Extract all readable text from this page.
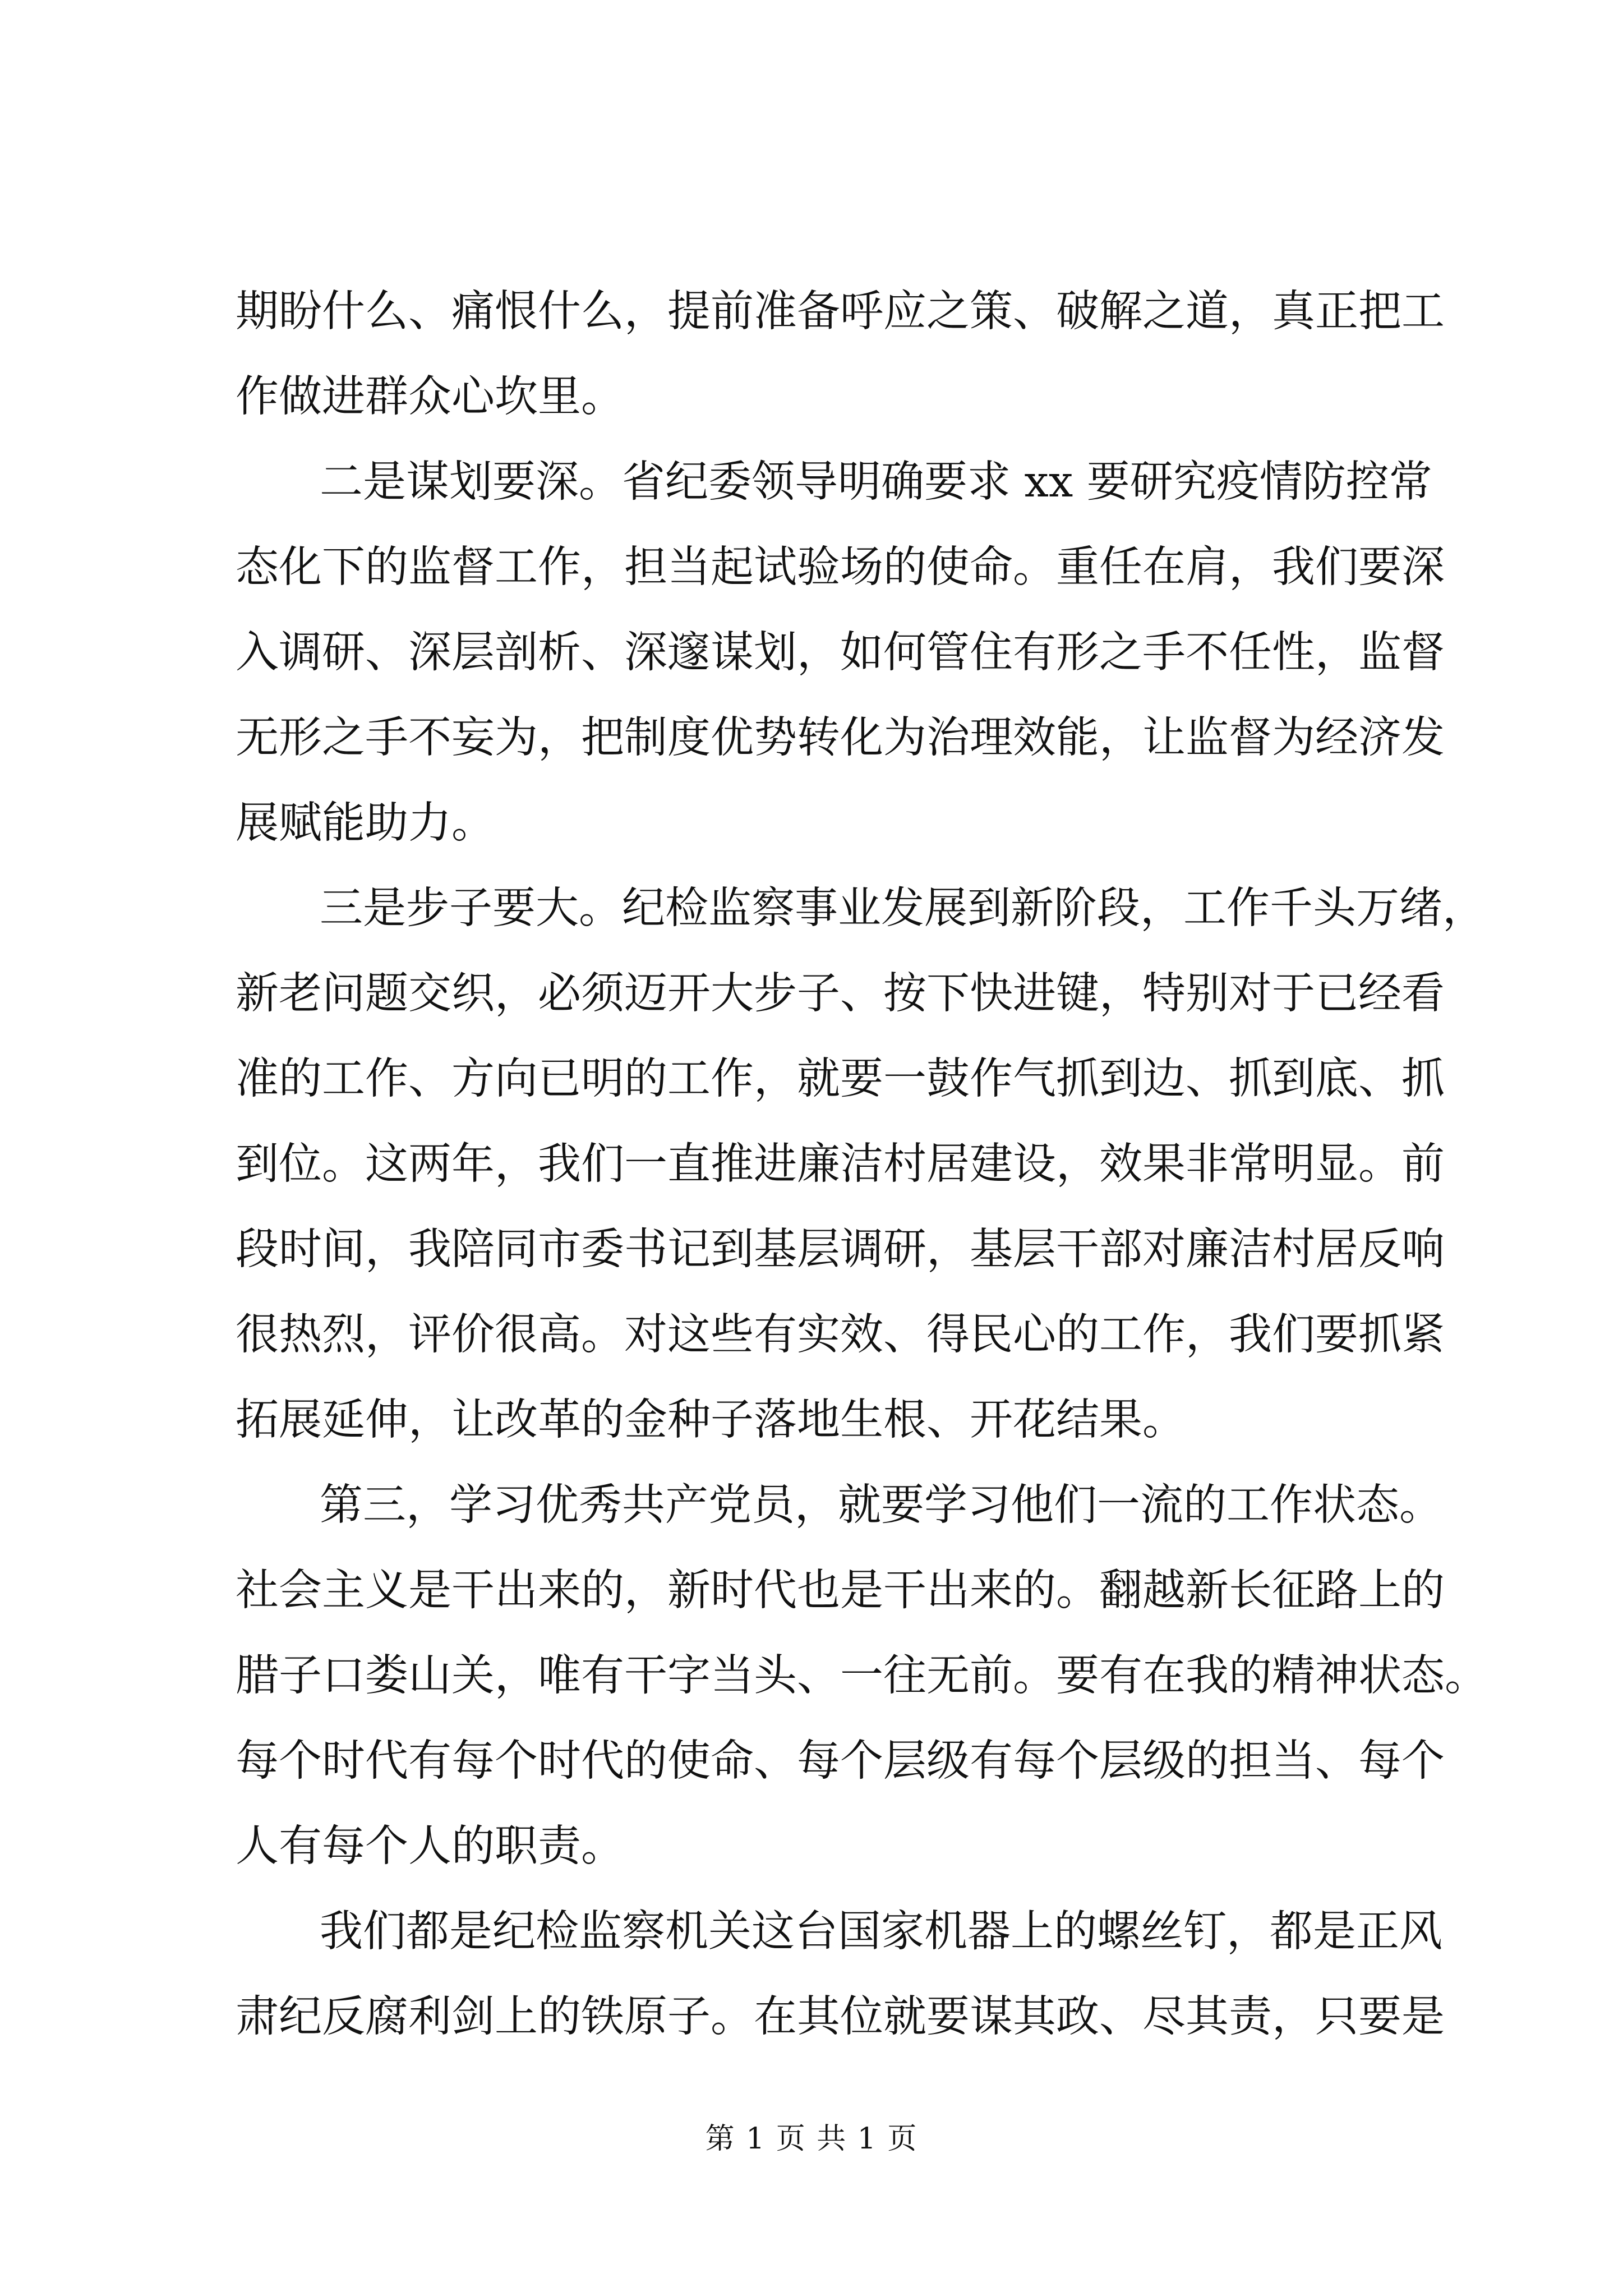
期盼什么、痛恨什么，提前准备呼应之策、破解之道，真正把工
作做进群众心坎里。
二是谋划要深。省纪委领导明确要求 xx 要研究疫情防控常
态化下的监督工作，担当起试验场的使命。重任在肩，我们要深
入调研、深层剖析、深邃谋划，如何管住有形之手不任性，监督
无形之手不妄为，把制度优势转化为治理效能，让监督为经济发
展赋能助力。
三是步子要大。纪检监察事业发展到新阶段，工作千头万绪，
新老问题交织，必须迈开大步子、按下快进键，特别对于已经看
准的工作、方向已明的工作，就要一鼓作气抓到边、抓到底、抓
到位。这两年，我们一直推进廉洁村居建设，效果非常明显。前
段时间，我陪同市委书记到基层调研，基层干部对廉洁村居反响
很热烈，评价很高。对这些有实效、得民心的工作，我们要抓紧
拓展延伸，让改革的金种子落地生根、开花结果。
第三，学习优秀共产党员，就要学习他们一流的工作状态。
社会主义是干出来的，新时代也是干出来的。翻越新长征路上的
腊子口娄山关，唯有干字当头、一往无前。要有在我的精神状态。
每个时代有每个时代的使命、每个层级有每个层级的担当、每个
人有每个人的职责。
我们都是纪检监察机关这台国家机器上的螺丝钉，都是正风
肃纪反腐利剑上的铁原子。在其位就要谋其政、尽其责，只要是
第 1 页 共 1 页
